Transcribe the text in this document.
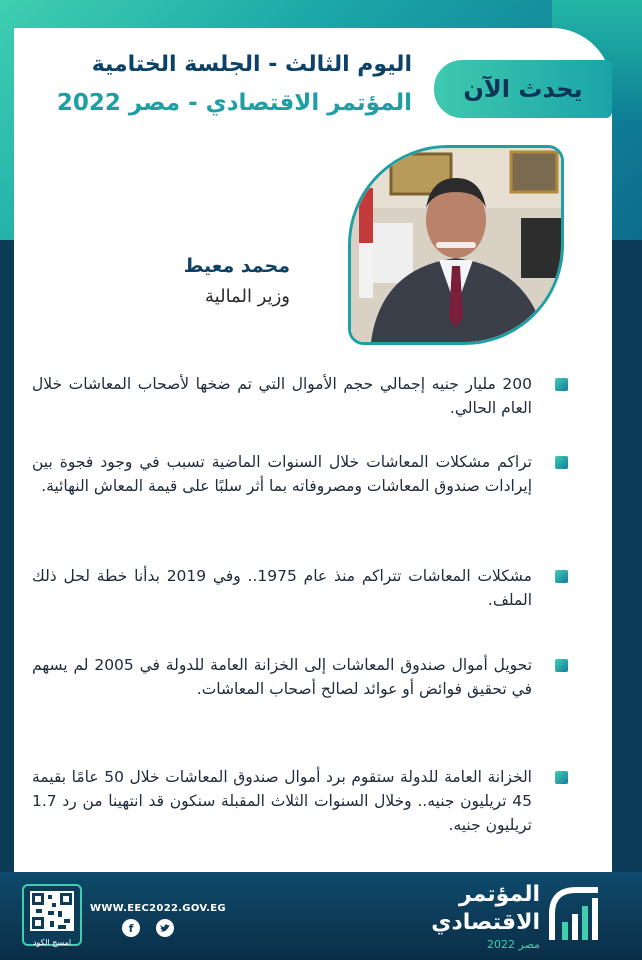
اليوم الثالث - الجلسة الختامية
المؤتمر الاقتصادي - مصر 2022	يحدث الآن
محمد معيط
وزير المالية
200 مليار جنيه إجمالي حجم الأموال التي تم ضخها لأصحاب المعاشات خلال العام الحالي.
تراكم مشكلات المعاشات خلال السنوات الماضية تسبب في وجود فجوة بين إيرادات صندوق المعاشات ومصروفاته بما أثر سلبًا على قيمة المعاش النهائية.
مشكلات المعاشات تتراكم منذ عام 1975.. وفي 2019 بدأنا خطة لحل ذلك الملف.
تحويل أموال صندوق المعاشات إلى الخزانة العامة للدولة في 2005 لم يسهم في تحقيق فوائض أو عوائد لصالح أصحاب المعاشات.
الخزانة العامة للدولة ستقوم برد أموال صندوق المعاشات خلال 50 عامًا بقيمة 45 تريليون جنيه.. وخلال السنوات الثلاث المقبلة سنكون قد انتهينا من رد 1.7 تريليون جنيه.
امسح الكود
WWW.EEC2022.GOV.EG
f
المؤتمر
الاقتصادي
مصر 2022
